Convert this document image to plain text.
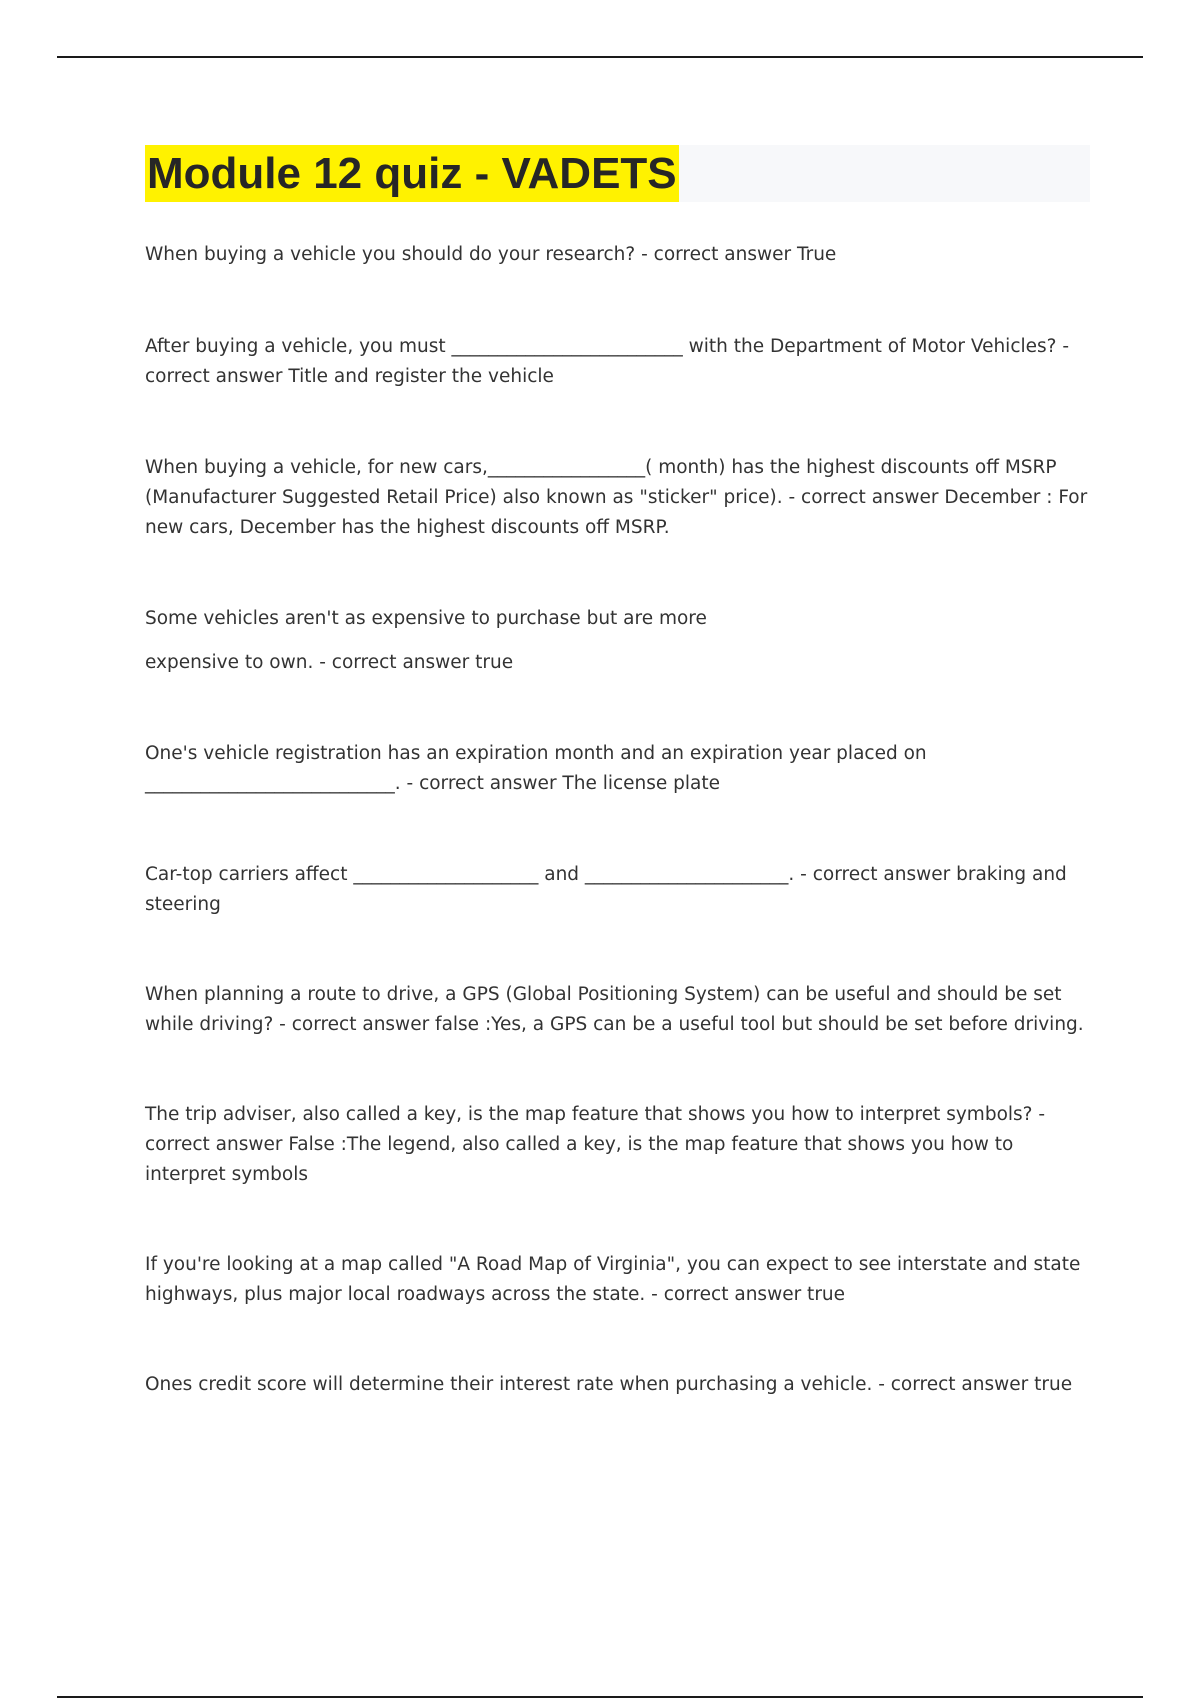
Module 12 quiz - VADETS

When buying a vehicle you should do your research? - correct answer True

After buying a vehicle, you must _________________________ with the Department of Motor Vehicles? - correct answer Title and register the vehicle

When buying a vehicle, for new cars,_________________( month) has the highest discounts off MSRP (Manufacturer Suggested Retail Price) also known as "sticker" price). - correct answer December : For new cars, December has the highest discounts off MSRP.

Some vehicles aren't as expensive to purchase but are more

expensive to own. - correct answer true

One's vehicle registration has an expiration month and an expiration year placed on ___________________________. - correct answer The license plate

Car-top carriers affect ____________________ and ______________________. - correct answer braking and steering

When planning a route to drive, a GPS (Global Positioning System) can be useful and should be set while driving? - correct answer false :Yes, a GPS can be a useful tool but should be set before driving.

The trip adviser, also called a key, is the map feature that shows you how to interpret symbols? - correct answer False :The legend, also called a key, is the map feature that shows you how to interpret symbols

If you're looking at a map called "A Road Map of Virginia", you can expect to see interstate and state highways, plus major local roadways across the state. - correct answer true

Ones credit score will determine their interest rate when purchasing a vehicle. - correct answer true
